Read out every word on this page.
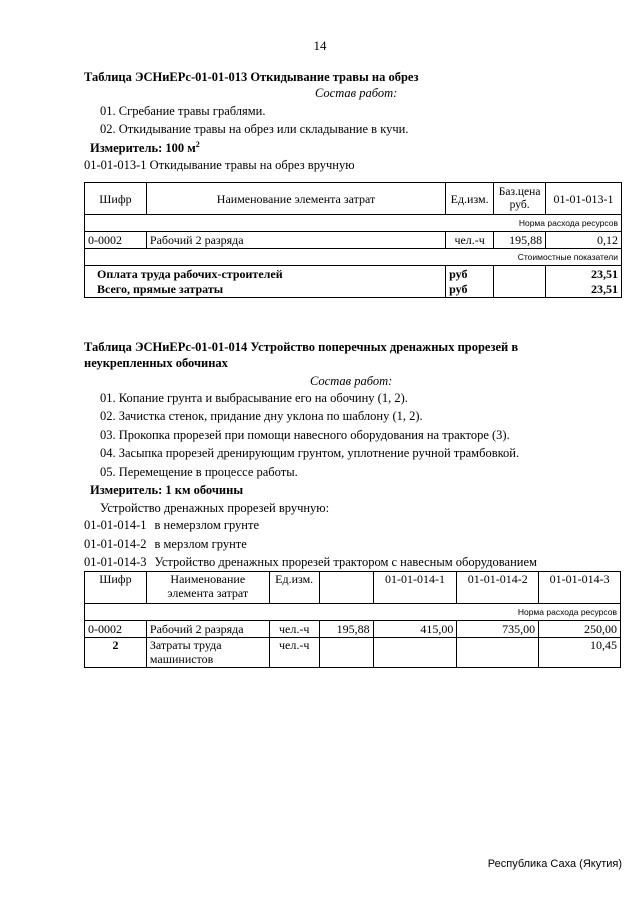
14
Таблица ЭСНиЕРс-01-01-013 Откидывание травы на обрез
Состав работ:
01. Сгребание травы граблями.
02. Откидывание травы на обрез или складывание в кучи.
Измеритель: 100 $м^2$
01-01-013-1 Откидывание травы на обрез вручную
Шифр	Наименование элемента затрат	Ед.изм.	Баз.цена руб.	01-01-013-1
Норма расхода ресурсов				
0-0002	Рабочий 2 разряда	чел.-ч	195,88	0,12
Стоимостные показатели				
Оплата труда рабочих-строителей		руб		23,51
Всего, прямые затраты		руб		23,51
Таблица ЭСНиЕРс-01-01-014 Устройство поперечных дренажных прорезей в
неукрепленных обочинах
Состав работ:
01. Копание грунта и выбрасывание его на обочину (1, 2).
02. Зачистка стенок, придание дну уклона по шаблону (1, 2).
03. Прокопка прорезей при помощи навесного оборудования на тракторе (3).
04. Засыпка прорезей дренирующим грунтом, уплотнение ручной трамбовкой.
05. Перемещение в процессе работы.
Измеритель: 1 км обочины
Устройство дренажных прорезей вручную:
01-01-014-1 в немерзлом грунте
01-01-014-2 в мерзлом грунте
01-01-014-3 Устройство дренажных прорезей трактором с навесным оборудованием
Шифр	Наименование элемента затрат	Ед.изм.		01-01-014-1	01-01-014-2	01-01-014-3
Норма расхода ресурсов						
0-0002	Рабочий 2 разряда	чел.-ч	195,88	415,00	735,00	250,00
2	Затраты труда машинистов	чел.-ч				10,45
Республика Саха (Якутия)
